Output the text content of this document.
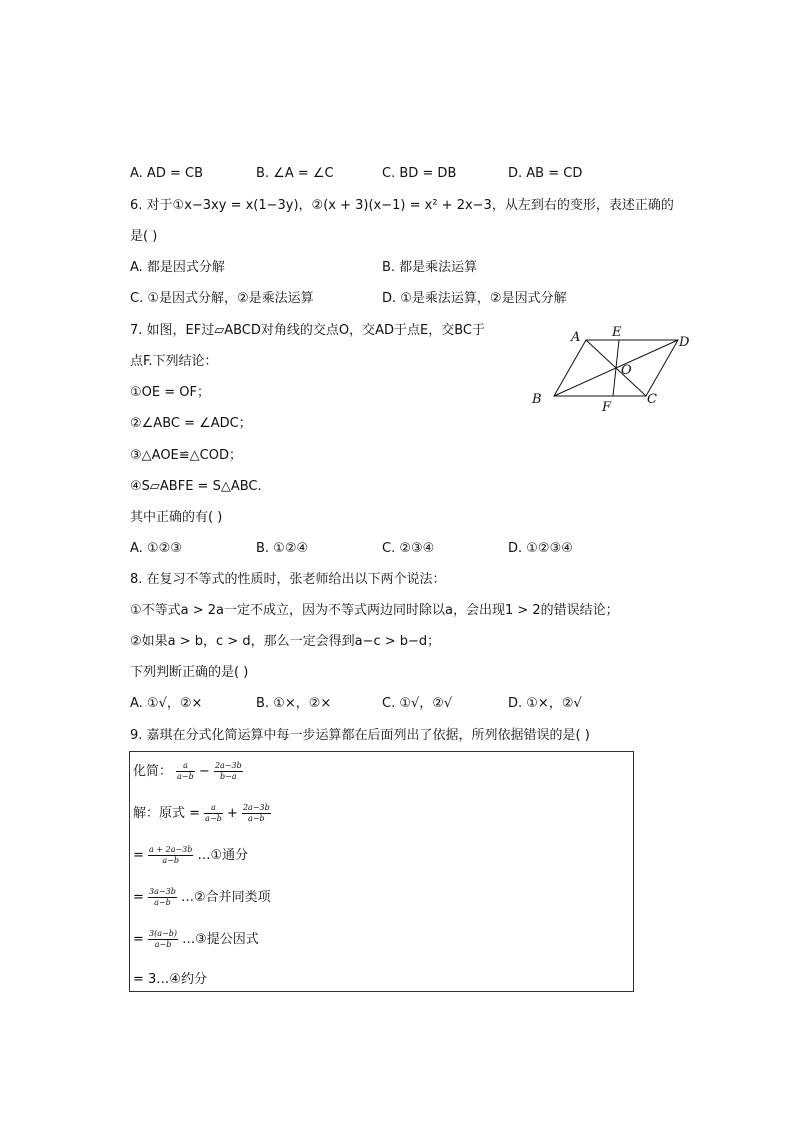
A. AD = CB	B. ∠A = ∠C	C. BD = DB	D. AB = CD
6. 对于①x−3xy = x(1−3y)，②(x + 3)(x−1) = x² + 2x−3，从左到右的变形，表述正确的
是( )
A. 都是因式分解	B. 都是乘法运算
C. ①是因式分解，②是乘法运算	D. ①是乘法运算，②是因式分解
7. 如图，EF过▱ABCD对角线的交点O，交AD于点E，交BC于
点F.下列结论：
①OE = OF；
②∠ABC = ∠ADC；
③△AOE≌△COD；
④S▱ABFE = S△ABC.
其中正确的有( )
A. ①②③	B. ①②④	C. ②③④	D. ①②③④
A E
D
O
B
F
C
8. 在复习不等式的性质时，张老师给出以下两个说法：
①不等式a > 2a一定不成立，因为不等式两边同时除以a，会出现1 > 2的错误结论；
②如果a > b，c > d，那么一定会得到a−c > b−d；
下列判断正确的是( )
A. ①√，②×	B. ①×，②×	C. ①√，②√	D. ①×，②√
9. 嘉琪在分式化简运算中每一步运算都在后面列出了依据，所列依据错误的是( )
化简： $\frac{a}{a-b} - \frac{2a-3b}{b-a}$
解：原式 = $\frac{a}{a-b} + \frac{2a-3b}{a-b}$
= $\frac{a + 2a-3b}{a-b}$ …①通分
= $\frac{3a-3b}{a-b}$ …②合并同类项
= $\frac{3(a-b)}{a-b}$ …③提公因式
= 3…④约分
